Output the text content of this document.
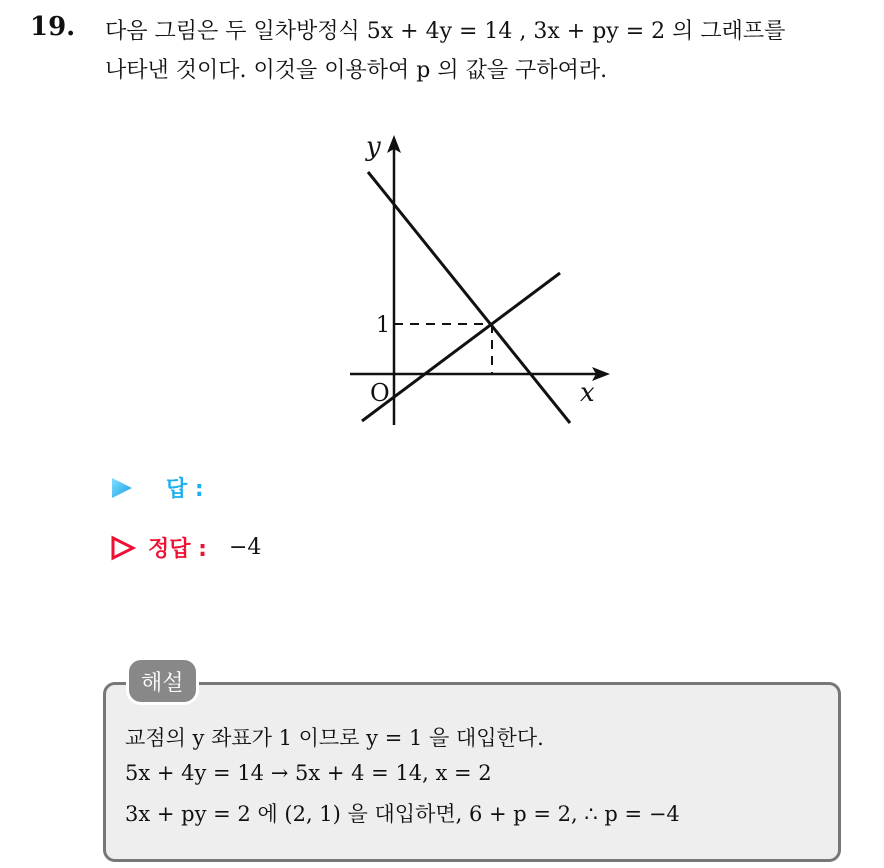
19. 다음 그림은 두 일차방정식 5x + 4y = 14 , 3x + py = 2 의 그래프를
나타낸 것이다. 이것을 이용하여 p 의 값을 구하여라.
y
x
O
1
답 :
정답 : −4
해설
교점의 y 좌표가 1 이므로 y = 1 을 대입한다.
5x + 4y = 14 → 5x + 4 = 14, x = 2
3x + py = 2 에 (2, 1) 을 대입하면, 6 + p = 2, ∴ p = −4
